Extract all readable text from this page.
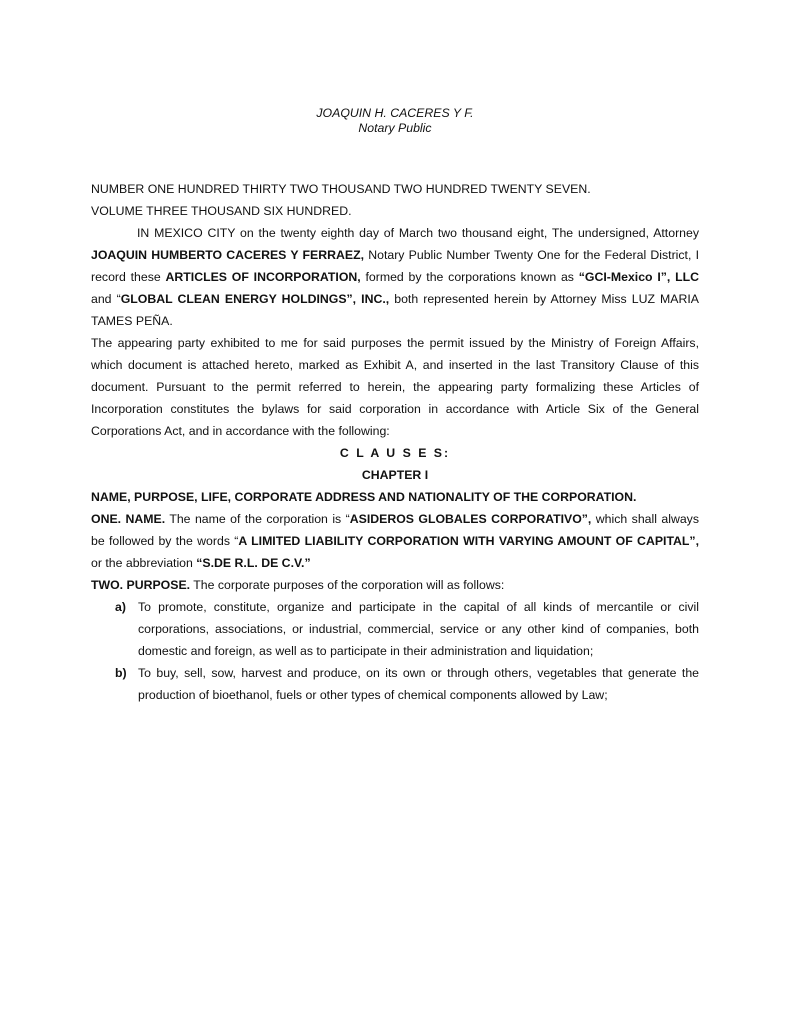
JOAQUIN H. CACERES Y F.
Notary Public
NUMBER ONE HUNDRED THIRTY TWO THOUSAND TWO HUNDRED TWENTY SEVEN.
VOLUME THREE THOUSAND SIX HUNDRED.
IN MEXICO CITY on the twenty eighth day of March two thousand eight, The undersigned, Attorney JOAQUIN HUMBERTO CACERES Y FERRAEZ, Notary Public Number Twenty One for the Federal District, I record these ARTICLES OF INCORPORATION, formed by the corporations known as “GCI-Mexico I”, LLC and “GLOBAL CLEAN ENERGY HOLDINGS”, INC., both represented herein by Attorney Miss LUZ MARIA TAMES PEÑA.
The appearing party exhibited to me for said purposes the permit issued by the Ministry of Foreign Affairs, which document is attached hereto, marked as Exhibit A, and inserted in the last Transitory Clause of this document. Pursuant to the permit referred to herein, the appearing party formalizing these Articles of Incorporation constitutes the bylaws for said corporation in accordance with Article Six of the General Corporations Act, and in accordance with the following:
C L A U S E S:
CHAPTER I
NAME, PURPOSE, LIFE, CORPORATE ADDRESS AND NATIONALITY OF THE CORPORATION.
ONE. NAME. The name of the corporation is “ASIDEROS GLOBALES CORPORATIVO”, which shall always be followed by the words “A LIMITED LIABILITY CORPORATION WITH VARYING AMOUNT OF CAPITAL”, or the abbreviation “S.DE R.L. DE C.V.”
TWO. PURPOSE. The corporate purposes of the corporation will as follows:
a) To promote, constitute, organize and participate in the capital of all kinds of mercantile or civil corporations, associations, or industrial, commercial, service or any other kind of companies, both domestic and foreign, as well as to participate in their administration and liquidation;
b) To buy, sell, sow, harvest and produce, on its own or through others, vegetables that generate the production of bioethanol, fuels or other types of chemical components allowed by Law;
